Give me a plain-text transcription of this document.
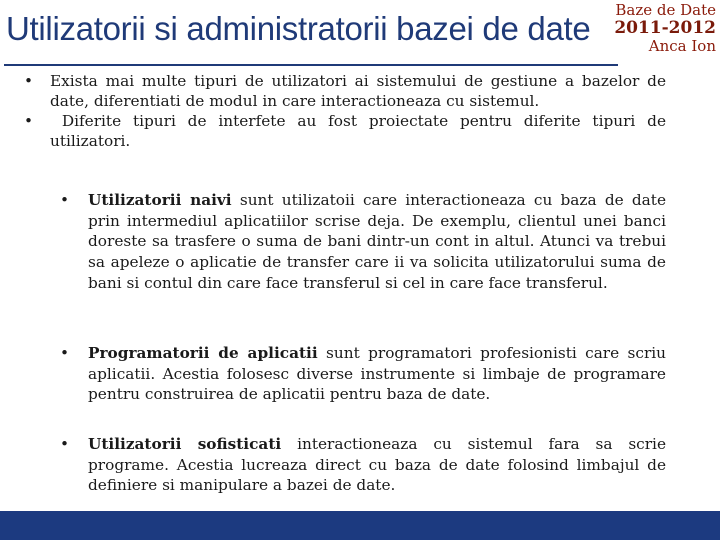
Utilizatorii si administratorii bazei de date Baze de Date
2011-2012
Anca Ion
• Exista mai multe tipuri de utilizatori ai sistemului de gestiune a bazelor de date, diferentiati de modul in care interactioneaza cu sistemul.
• Diferite tipuri de interfete au fost proiectate pentru diferite tipuri de utilizatori.
• Utilizatorii naivi sunt utilizatoii care interactioneaza cu baza de date prin intermediul aplicatiilor scrise deja. De exemplu, clientul unei banci doreste sa trasfere o suma de bani dintr-un cont in altul. Atunci va trebui sa apeleze o aplicatie de transfer care ii va solicita utilizatorului suma de bani si contul din care face transferul si cel in care face transferul.
• Programatorii de aplicatii sunt programatori profesionisti care scriu aplicatii. Acestia folosesc diverse instrumente si limbaje de programare pentru construirea de aplicatii pentru baza de date.
• Utilizatorii sofisticati interactioneaza cu sistemul fara sa scrie programe. Acestia lucreaza direct cu baza de date folosind limbajul de definiere si manipulare a bazei de date.
